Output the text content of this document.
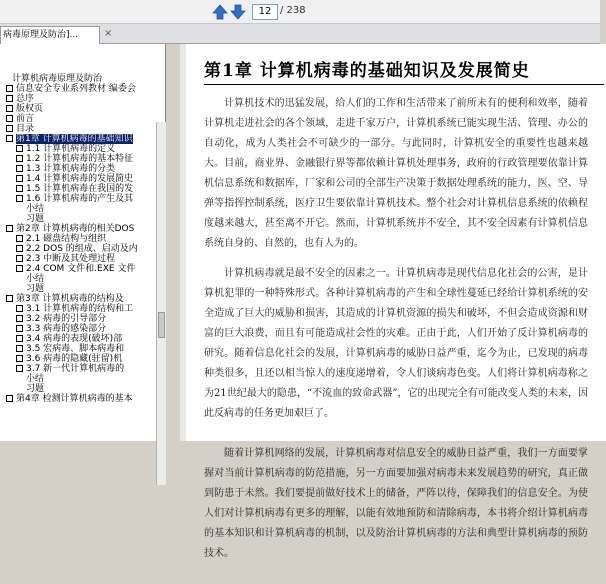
12 / 238
病毒原理及防治]...	×
计算机病毒原理及防治
信息安全专业系列教材 编委会
总序
版权页
前言
目录
第1章 计算机病毒的基础知识
1.1 计算机病毒的定义
1.2 计算机病毒的基本特征
1.3 计算机病毒的分类
1.4 计算机病毒的发展简史
1.5 计算机病毒在我国的发
1.6 计算机病毒的产生及其
小结
习题
第2章 计算机病毒的相关DOS
2.1 磁盘结构与组织
2.2 DOS 的组成、启动及内
2.3 中断及其处理过程
2.4 COM 文件和.EXE 文件
小结
习题
第3章 计算机病毒的结构及
3.1 计算机病毒的结构和工
3.2 病毒的引导部分
3.3 病毒的感染部分
3.4 病毒的表现(破坏)部
3.5 宏病毒、脚本病毒和
3.6 病毒的隐藏(驻留)机
3.7 新一代计算机病毒的
小结
习题
第4章 检测计算机病毒的基本
第1章 计算机病毒的基础知识及发展简史
计算机技术的迅猛发展，给人们的工作和生活带来了前所未有的便利和效率，随着计算机走进社会的各个领域，走进千家万户，计算机系统已能实现生活、管理、办公的自动化，成为人类社会不可缺少的一部分。与此同时，计算机安全的重要性也越来越大。目前，商业界、金融银行界等都依赖计算机处理事务，政府的行政管理要依靠计算机信息系统和数据库，厂家和公司的全部生产决策于数据处理系统的能力，医、空、导弹等指挥控制系统，医疗卫生要依靠计算机技术。整个社会对计算机信息系统的依赖程度越来越大，甚至离不开它。然而，计算机系统并不安全，其不安全因素有计算机信息系统自身的、自然的，也有人为的。
计算机病毒就是最不安全的因素之一。计算机病毒是现代信息化社会的公害，是计算机犯罪的一种特殊形式。各种计算机病毒的产生和全球性蔓延已经给计算机系统的安全造成了巨大的威胁和损害，其造成的计算机资源的损失和破坏，不但会造成资源和财富的巨大浪费，而且有可能造成社会性的灾难。正由于此，人们开始了反计算机病毒的研究。随着信息化社会的发展，计算机病毒的威胁日益严重，迄今为止，已发现的病毒种类很多，且还以相当惊人的速度递增着，令人们谈病毒色变。人们将计算机病毒称之为21世纪最大的隐患，“不流血的致命武器”，它的出现完全有可能改变人类的未来，因此反病毒的任务更加艰巨了。
随着计算机网络的发展，计算机病毒对信息安全的威胁日益严重，我们一方面要掌握对当前计算机病毒的防范措施，另一方面要加强对病毒未来发展趋势的研究，真正做到防患于未然。我们要提前做好技术上的储备，严阵以待，保障我们的信息安全。为使人们对计算机病毒有更多的理解，以能有效地预防和清除病毒，本书将介绍计算机病毒的基本知识和计算机病毒的机制，以及防治计算机病毒的方法和典型计算机病毒的预防技术。
